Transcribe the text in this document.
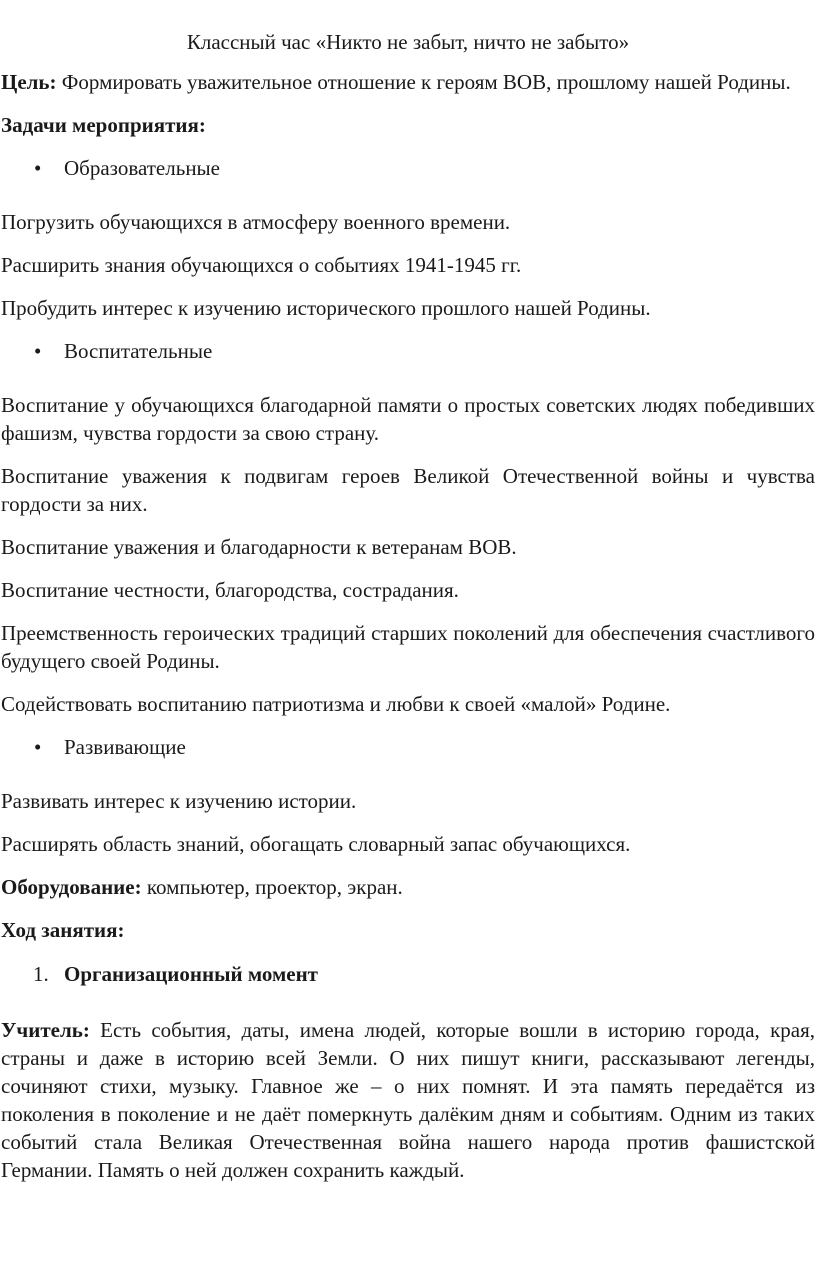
Классный час «Никто не забыт, ничто не забыто»

Цель: Формировать уважительное отношение к героям ВОВ, прошлому нашей Родины.

Задачи мероприятия:

• Образовательные

Погрузить обучающихся в атмосферу военного времени.

Расширить знания обучающихся о событиях 1941-1945 гг.

Пробудить интерес к изучению исторического прошлого нашей Родины.

• Воспитательные

Воспитание у обучающихся благодарной памяти о простых советских людях победивших фашизм, чувства гордости за свою страну.

Воспитание уважения к подвигам героев Великой Отечественной войны и чувства гордости за них.

Воспитание уважения и благодарности к ветеранам ВОВ.

Воспитание честности, благородства, сострадания.

Преемственность героических традиций старших поколений для обеспечения счастливого будущего своей Родины.

Содействовать воспитанию патриотизма и любви к своей «малой» Родине.

• Развивающие

Развивать интерес к изучению истории.

Расширять область знаний, обогащать словарный запас обучающихся.

Оборудование: компьютер, проектор, экран.

Ход занятия:

1. Организационный момент

Учитель: Есть события, даты, имена людей, которые вошли в историю города, края, страны и даже в историю всей Земли. О них пишут книги, рассказывают легенды, сочиняют стихи, музыку. Главное же – о них помнят. И эта память передаётся из поколения в поколение и не даёт померкнуть далёким дням и событиям. Одним из таких событий стала Великая Отечественная война нашего народа против фашистской Германии. Память о ней должен сохранить каждый.
